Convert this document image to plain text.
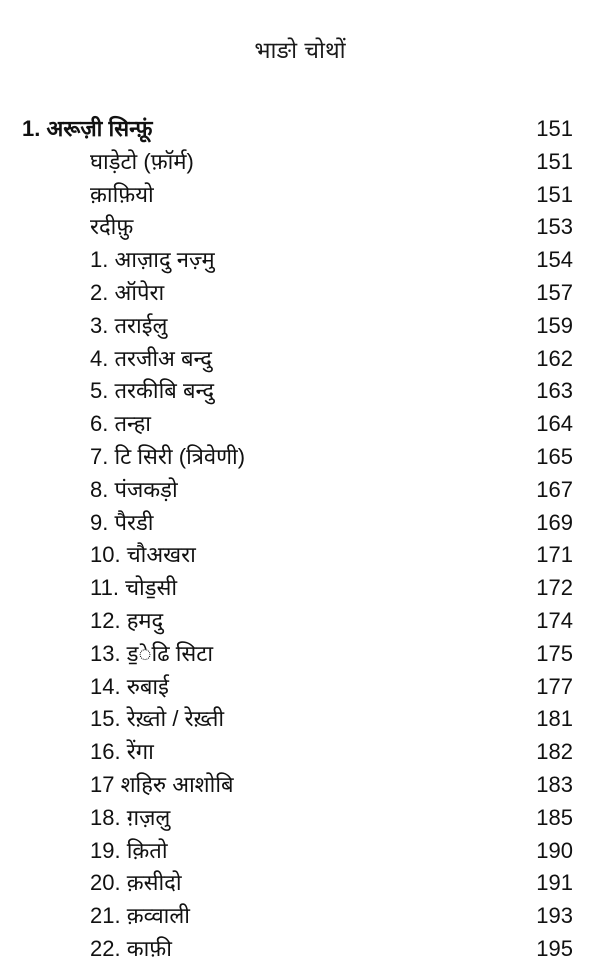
भाङो चोथों
1. अरूज़ी सिन्फ़ूं	151
घाड़ेटो (फ़ॉर्म)	151
क़ाफ़ियो	151
रदीफ़ु	153
1. आज़ादु नज़्मु	154
2. ऑपेरा	157
3. तराईलु	159
4. तरजीअ बन्दु	162
5. तरकीबि बन्दु	163
6. तन्हा	164
7. टि सिरी (त्रिवेणी)	165
8. पंजकड़ो	167
9. पैरडी	169
10. चौअखरा	171
11. चोड॒सी	172
12. हमदु	174
13. ड॒ेढि सिटा	175
14. रुबाई	177
15. रेख़्तो / रेख़्ती	181
16. रेंगा	182
17 शहिरु आशोबि	183
18. ग़ज़लु	185
19. क़ितो	190
20. क़सीदो	191
21. क़व्वाली	193
22. काफ़ी	195
